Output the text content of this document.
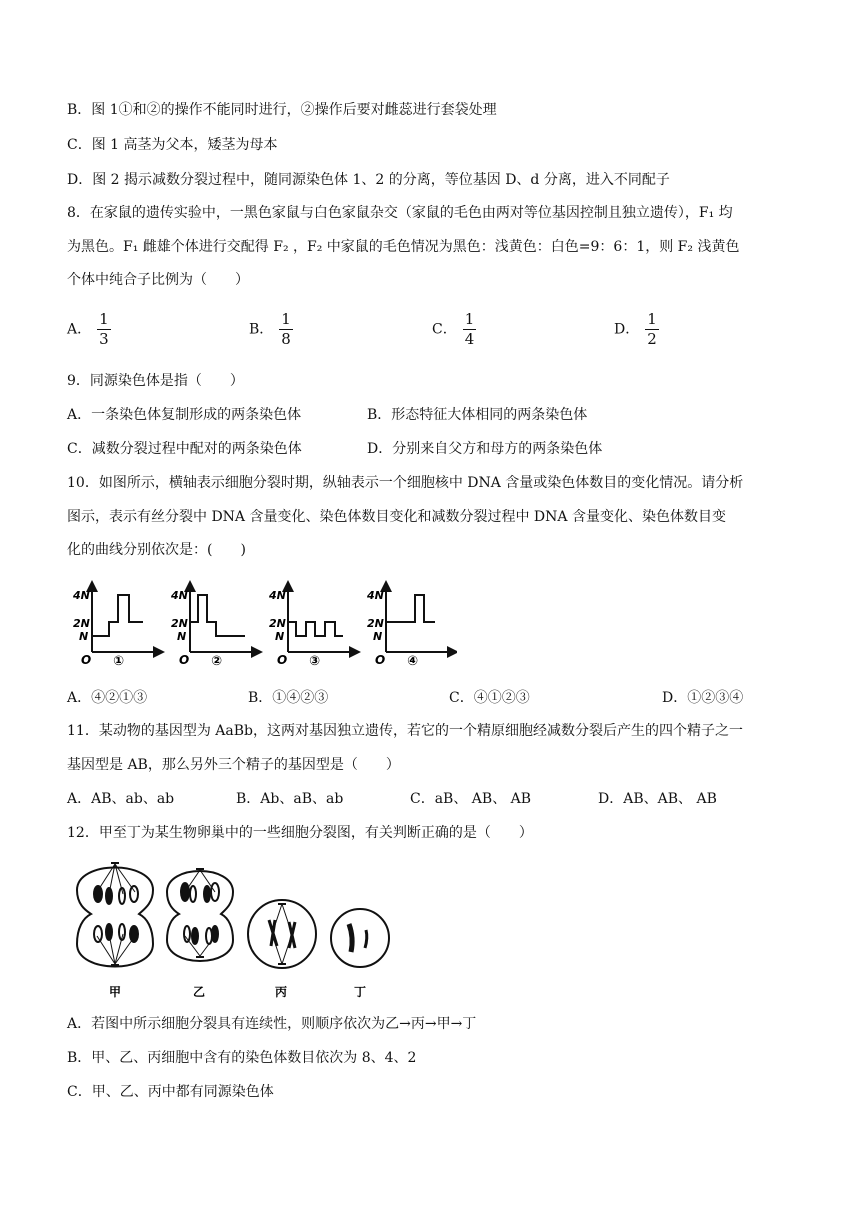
B．图 1①和②的操作不能同时进行，②操作后要对雌蕊进行套袋处理
C．图 1 高茎为父本，矮茎为母本
D．图 2 揭示减数分裂过程中，随同源染色体 1、2 的分离，等位基因 D、d 分离，进入不同配子
8．在家鼠的遗传实验中，一黑色家鼠与白色家鼠杂交（家鼠的毛色由两对等位基因控制且独立遗传），F₁ 均
为黑色。F₁ 雌雄个体进行交配得 F₂ ，F₂ 中家鼠的毛色情况为黑色：浅黄色：白色=9：6：1，则 F₂ 浅黄色
个体中纯合子比例为（　　）
A． $\frac{1}{3}$	B． $\frac{1}{8}$	C． $\frac{1}{4}$	D． $\frac{1}{2}$
9．同源染色体是指（　　）
A．一条染色体复制形成的两条染色体	B．形态特征大体相同的两条染色体
C．减数分裂过程中配对的两条染色体	D．分别来自父方和母方的两条染色体
10．如图所示，横轴表示细胞分裂时期，纵轴表示一个细胞核中 DNA 含量或染色体数目的变化情况。请分析
图示，表示有丝分裂中 DNA 含量变化、染色体数目变化和减数分裂过程中 DNA 含量变化、染色体数目变
化的曲线分别依次是：(　　)
4N
2N
N
O ①
4N
2N
N
O ②
4N
2N
N
O ③
4N
2N
N
O ④
A．④②①③	B．①④②③	C．④①②③	D．①②③④
11．某动物的基因型为 AaBb，这两对基因独立遗传，若它的一个精原细胞经减数分裂后产生的四个精子之一
基因型是 AB，那么另外三个精子的基因型是（　　）
A．AB、ab、ab	B．Ab、aB、ab	C．aB、 AB、 AB	D．AB、AB、 AB
12．甲至丁为某生物卵巢中的一些细胞分裂图，有关判断正确的是（　　）
甲	乙	丙	丁
A．若图中所示细胞分裂具有连续性，则顺序依次为乙→丙→甲→丁
B．甲、乙、丙细胞中含有的染色体数目依次为 8、4、2
C．甲、乙、丙中都有同源染色体
